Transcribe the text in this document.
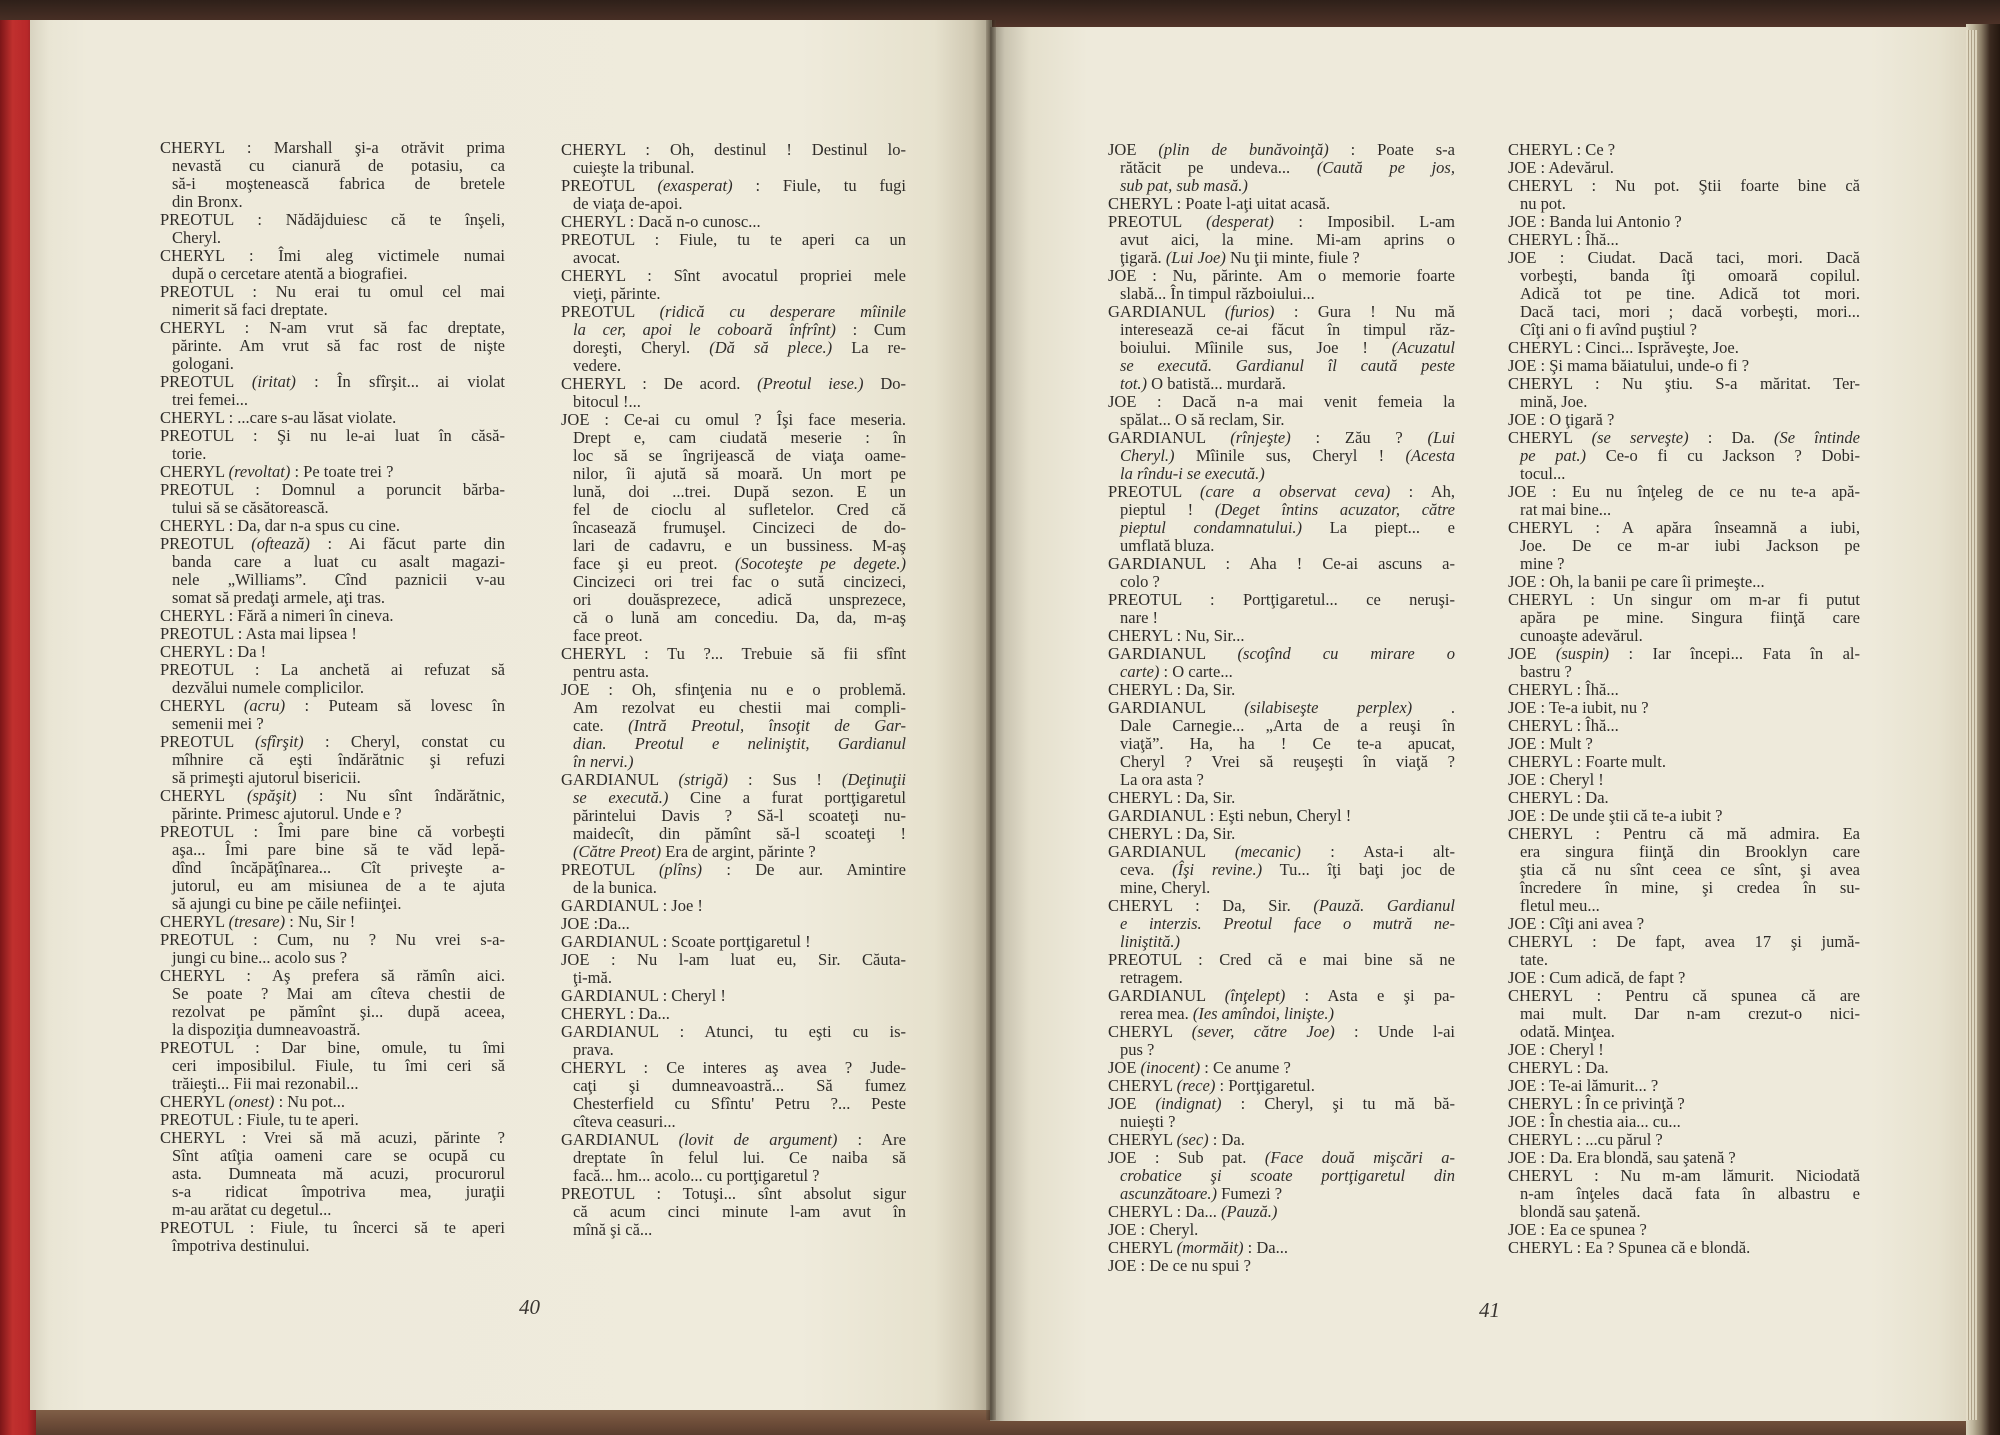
CHERYL : Marshall şi-a otrăvit prima
nevastă cu cianură de potasiu, ca
să-i moştenească fabrica de bretele
din Bronx.
PREOTUL : Nădăjduiesc că te înşeli,
Cheryl.
CHERYL : Îmi aleg victimele numai
după o cercetare atentă a biografiei.
PREOTUL : Nu erai tu omul cel mai
nimerit să faci dreptate.
CHERYL : N-am vrut să fac dreptate,
părinte. Am vrut să fac rost de nişte
gologani.
PREOTUL (iritat) : În sfîrşit... ai violat
trei femei...
CHERYL : ...care s-au lăsat violate.
PREOTUL : Şi nu le-ai luat în căsă-
torie.
CHERYL (revoltat) : Pe toate trei ?
PREOTUL : Domnul a poruncit bărba-
tului să se căsătorească.
CHERYL : Da, dar n-a spus cu cine.
PREOTUL (oftează) : Ai făcut parte din
banda care a luat cu asalt magazi-
nele „Williams”. Cînd paznicii v-au
somat să predaţi armele, aţi tras.
CHERYL : Fără a nimeri în cineva.
PREOTUL : Asta mai lipsea !
CHERYL : Da !
PREOTUL : La anchetă ai refuzat să
dezvălui numele complicilor.
CHERYL (acru) : Puteam să lovesc în
semenii mei ?
PREOTUL (sfîrşit) : Cheryl, constat cu
mîhnire că eşti îndărătnic şi refuzi
să primeşti ajutorul bisericii.
CHERYL (spăşit) : Nu sînt îndărătnic,
părinte. Primesc ajutorul. Unde e ?
PREOTUL : Îmi pare bine că vorbeşti
aşa... Îmi pare bine să te văd lepă-
dînd încăpăţînarea... Cît priveşte a-
jutorul, eu am misiunea de a te ajuta
să ajungi cu bine pe căile nefiinţei.
CHERYL (tresare) : Nu, Sir !
PREOTUL : Cum, nu ? Nu vrei s-a-
jungi cu bine... acolo sus ?
CHERYL : Aş prefera să rămîn aici.
Se poate ? Mai am cîteva chestii de
rezolvat pe pămînt şi... după aceea,
la dispoziţia dumneavoastră.
PREOTUL : Dar bine, omule, tu îmi
ceri imposibilul. Fiule, tu îmi ceri să
trăieşti... Fii mai rezonabil...
CHERYL (onest) : Nu pot...
PREOTUL : Fiule, tu te aperi.
CHERYL : Vrei să mă acuzi, părinte ?
Sînt atîţia oameni care se ocupă cu
asta. Dumneata mă acuzi, procurorul
s-a ridicat împotriva mea, juraţii
m-au arătat cu degetul...
PREOTUL : Fiule, tu încerci să te aperi
împotriva destinului.
CHERYL : Oh, destinul ! Destinul lo-
cuieşte la tribunal.
PREOTUL (exasperat) : Fiule, tu fugi
de viaţa de-apoi.
CHERYL : Dacă n-o cunosc...
PREOTUL : Fiule, tu te aperi ca un
avocat.
CHERYL : Sînt avocatul propriei mele
vieţi, părinte.
PREOTUL (ridică cu desperare mîinile
la cer, apoi le coboară înfrînt) : Cum
doreşti, Cheryl. (Dă să plece.) La re-
vedere.
CHERYL : De acord. (Preotul iese.) Do-
bitocul !...
JOE : Ce-ai cu omul ? Îşi face meseria.
Drept e, cam ciudată meserie : în
loc să se îngrijească de viaţa oame-
nilor, îi ajută să moară. Un mort pe
lună, doi ...trei. După sezon. E un
fel de cioclu al sufletelor. Cred că
încasează frumuşel. Cincizeci de do-
lari de cadavru, e un bussiness. M-aş
face şi eu preot. (Socoteşte pe degete.)
Cincizeci ori trei fac o sută cincizeci,
ori douăsprezece, adică unsprezece,
că o lună am concediu. Da, da, m-aş
face preot.
CHERYL : Tu ?... Trebuie să fii sfînt
pentru asta.
JOE : Oh, sfinţenia nu e o problemă.
Am rezolvat eu chestii mai compli-
cate. (Intră Preotul, însoţit de Gar-
dian. Preotul e neliniştit, Gardianul
în nervi.)
GARDIANUL (strigă) : Sus ! (Deţinuţii
se execută.) Cine a furat portţigaretul
părintelui Davis ? Să-l scoateţi nu-
maidecît, din pămînt să-l scoateţi !
(Către Preot) Era de argint, părinte ?
PREOTUL (plîns) : De aur. Amintire
de la bunica.
GARDIANUL : Joe !
JOE :Da...
GARDIANUL : Scoate portţigaretul !
JOE : Nu l-am luat eu, Sir. Căuta-
ţi-mă.
GARDIANUL : Cheryl !
CHERYL : Da...
GARDIANUL : Atunci, tu eşti cu is-
prava.
CHERYL : Ce interes aş avea ? Jude-
caţi şi dumneavoastră... Să fumez
Chesterfield cu Sfîntu' Petru ?... Peste
cîteva ceasuri...
GARDIANUL (lovit de argument) : Are
dreptate în felul lui. Ce naiba să
facă... hm... acolo... cu portţigaretul ?
PREOTUL : Totuşi... sînt absolut sigur
că acum cinci minute l-am avut în
mînă şi că...
40
JOE (plin de bunăvoinţă) : Poate s-a
rătăcit pe undeva... (Caută pe jos,
sub pat, sub masă.)
CHERYL : Poate l-aţi uitat acasă.
PREOTUL (desperat) : Imposibil. L-am
avut aici, la mine. Mi-am aprins o
ţigară. (Lui Joe) Nu ţii minte, fiule ?
JOE : Nu, părinte. Am o memorie foarte
slabă... În timpul războiului...
GARDIANUL (furios) : Gura ! Nu mă
interesează ce-ai făcut în timpul răz-
boiului. Mîinile sus, Joe ! (Acuzatul
se execută. Gardianul îl caută peste
tot.) O batistă... murdară.
JOE : Dacă n-a mai venit femeia la
spălat... O să reclam, Sir.
GARDIANUL (rînjeşte) : Zău ? (Lui
Cheryl.) Mîinile sus, Cheryl ! (Acesta
la rîndu-i se execută.)
PREOTUL (care a observat ceva) : Ah,
pieptul ! (Deget întins acuzator, către
pieptul condamnatului.) La piept... e
umflată bluza.
GARDIANUL : Aha ! Ce-ai ascuns a-
colo ?
PREOTUL : Portţigaretul... ce neruşi-
nare !
CHERYL : Nu, Sir...
GARDIANUL (scoţînd cu mirare o
carte) : O carte...
CHERYL : Da, Sir.
GARDIANUL (silabiseşte perplex) .
Dale Carnegie... „Arta de a reuşi în
viaţă”. Ha, ha ! Ce te-a apucat,
Cheryl ? Vrei să reuşeşti în viaţă ?
La ora asta ?
CHERYL : Da, Sir.
GARDIANUL : Eşti nebun, Cheryl !
CHERYL : Da, Sir.
GARDIANUL (mecanic) : Asta-i alt-
ceva. (Îşi revine.) Tu... îţi baţi joc de
mine, Cheryl.
CHERYL : Da, Sir. (Pauză. Gardianul
e interzis. Preotul face o mutră ne-
liniştită.)
PREOTUL : Cred că e mai bine să ne
retragem.
GARDIANUL (înţelept) : Asta e şi pa-
rerea mea. (Ies amîndoi, linişte.)
CHERYL (sever, către Joe) : Unde l-ai
pus ?
JOE (inocent) : Ce anume ?
CHERYL (rece) : Portţigaretul.
JOE (indignat) : Cheryl, şi tu mă bă-
nuieşti ?
CHERYL (sec) : Da.
JOE : Sub pat. (Face două mişcări a-
crobatice şi scoate portţigaretul din
ascunzătoare.) Fumezi ?
CHERYL : Da... (Pauză.)
JOE : Cheryl.
CHERYL (mormăit) : Da...
JOE : De ce nu spui ?
CHERYL : Ce ?
JOE : Adevărul.
CHERYL : Nu pot. Ştii foarte bine că
nu pot.
JOE : Banda lui Antonio ?
CHERYL : Îhă...
JOE : Ciudat. Dacă taci, mori. Dacă
vorbeşti, banda îţi omoară copilul.
Adică tot pe tine. Adică tot mori.
Dacă taci, mori ; dacă vorbeşti, mori...
Cîţi ani o fi avînd puştiul ?
CHERYL : Cinci... Isprăveşte, Joe.
JOE : Şi mama băiatului, unde-o fi ?
CHERYL : Nu ştiu. S-a măritat. Ter-
mină, Joe.
JOE : O ţigară ?
CHERYL (se serveşte) : Da. (Se întinde
pe pat.) Ce-o fi cu Jackson ? Dobi-
tocul...
JOE : Eu nu înţeleg de ce nu te-a apă-
rat mai bine...
CHERYL : A apăra înseamnă a iubi,
Joe. De ce m-ar iubi Jackson pe
mine ?
JOE : Oh, la banii pe care îi primeşte...
CHERYL : Un singur om m-ar fi putut
apăra pe mine. Singura fiinţă care
cunoaşte adevărul.
JOE (suspin) : Iar începi... Fata în al-
bastru ?
CHERYL : Îhă...
JOE : Te-a iubit, nu ?
CHERYL : Îhă...
JOE : Mult ?
CHERYL : Foarte mult.
JOE : Cheryl !
CHERYL : Da.
JOE : De unde ştii că te-a iubit ?
CHERYL : Pentru că mă admira. Ea
era singura fiinţă din Brooklyn care
ştia că nu sînt ceea ce sînt, şi avea
încredere în mine, şi credea în su-
fletul meu...
JOE : Cîţi ani avea ?
CHERYL : De fapt, avea 17 şi jumă-
tate.
JOE : Cum adică, de fapt ?
CHERYL : Pentru că spunea că are
mai mult. Dar n-am crezut-o nici-
odată. Minţea.
JOE : Cheryl !
CHERYL : Da.
JOE : Te-ai lămurit... ?
CHERYL : În ce privinţă ?
JOE : În chestia aia... cu...
CHERYL : ...cu părul ?
JOE : Da. Era blondă, sau şatenă ?
CHERYL : Nu m-am lămurit. Niciodată
n-am înţeles dacă fata în albastru e
blondă sau şatenă.
JOE : Ea ce spunea ?
CHERYL : Ea ? Spunea că e blondă.
41
